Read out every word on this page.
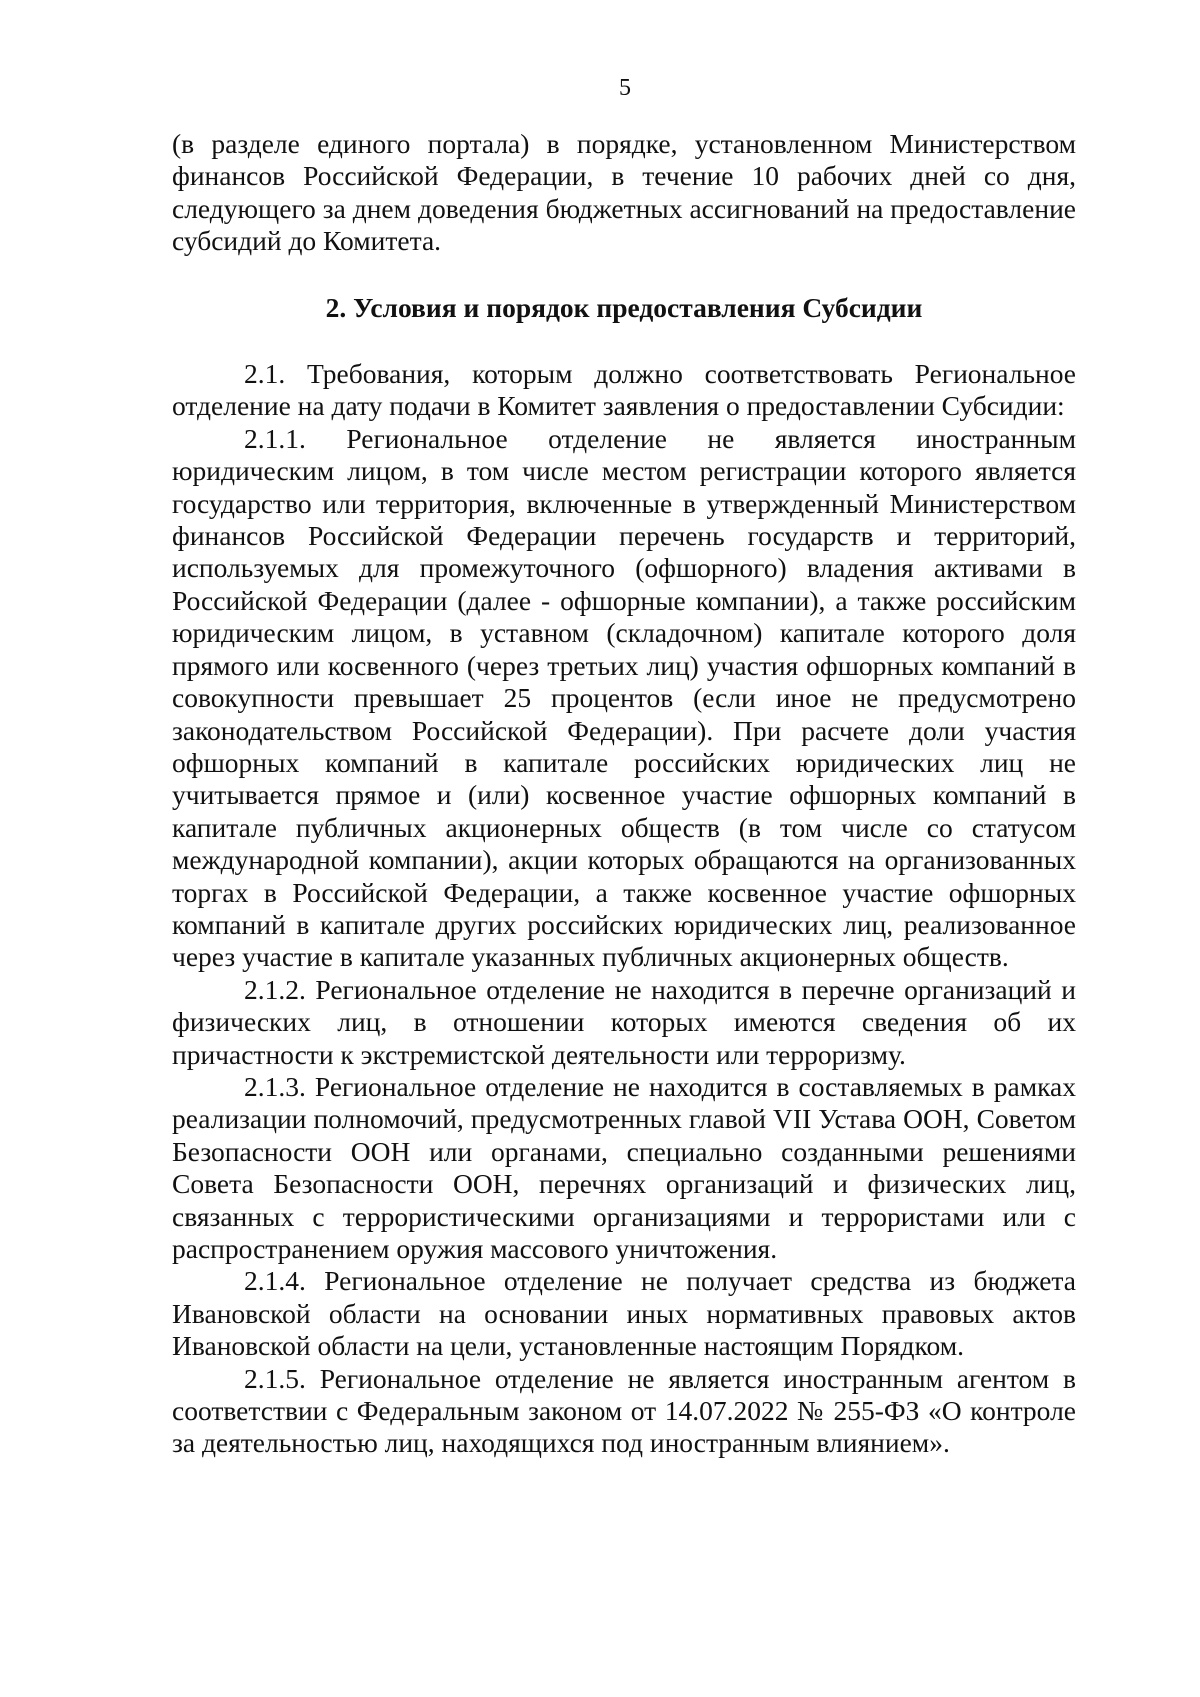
5

(в разделе единого портала) в порядке, установленном Министерством финансов Российской Федерации, в течение 10 рабочих дней со дня, следующего за днем доведения бюджетных ассигнований на предоставление субсидий до Комитета.

2. Условия и порядок предоставления Субсидии

2.1. Требования, которым должно соответствовать Региональное отделение на дату подачи в Комитет заявления о предоставлении Субсидии:

2.1.1. Региональное отделение не является иностранным юридическим лицом, в том числе местом регистрации которого является государство или территория, включенные в утвержденный Министерством финансов Российской Федерации перечень государств и территорий, используемых для промежуточного (офшорного) владения активами в Российской Федерации (далее - офшорные компании), а также российским юридическим лицом, в уставном (складочном) капитале которого доля прямого или косвенного (через третьих лиц) участия офшорных компаний в совокупности превышает 25 процентов (если иное не предусмотрено законодательством Российской Федерации). При расчете доли участия офшорных компаний в капитале российских юридических лиц не учитывается прямое и (или) косвенное участие офшорных компаний в капитале публичных акционерных обществ (в том числе со статусом международной компании), акции которых обращаются на организованных торгах в Российской Федерации, а также косвенное участие офшорных компаний в капитале других российских юридических лиц, реализованное через участие в капитале указанных публичных акционерных обществ.

2.1.2. Региональное отделение не находится в перечне организаций и физических лиц, в отношении которых имеются сведения об их причастности к экстремистской деятельности или терроризму.

2.1.3. Региональное отделение не находится в составляемых в рамках реализации полномочий, предусмотренных главой VII Устава ООН, Советом Безопасности ООН или органами, специально созданными решениями Совета Безопасности ООН, перечнях организаций и физических лиц, связанных с террористическими организациями и террористами или с распространением оружия массового уничтожения.

2.1.4. Региональное отделение не получает средства из бюджета Ивановской области на основании иных нормативных правовых актов Ивановской области на цели, установленные настоящим Порядком.

2.1.5. Региональное отделение не является иностранным агентом в соответствии с Федеральным законом от 14.07.2022 № 255-ФЗ «О контроле за деятельностью лиц, находящихся под иностранным влиянием».
